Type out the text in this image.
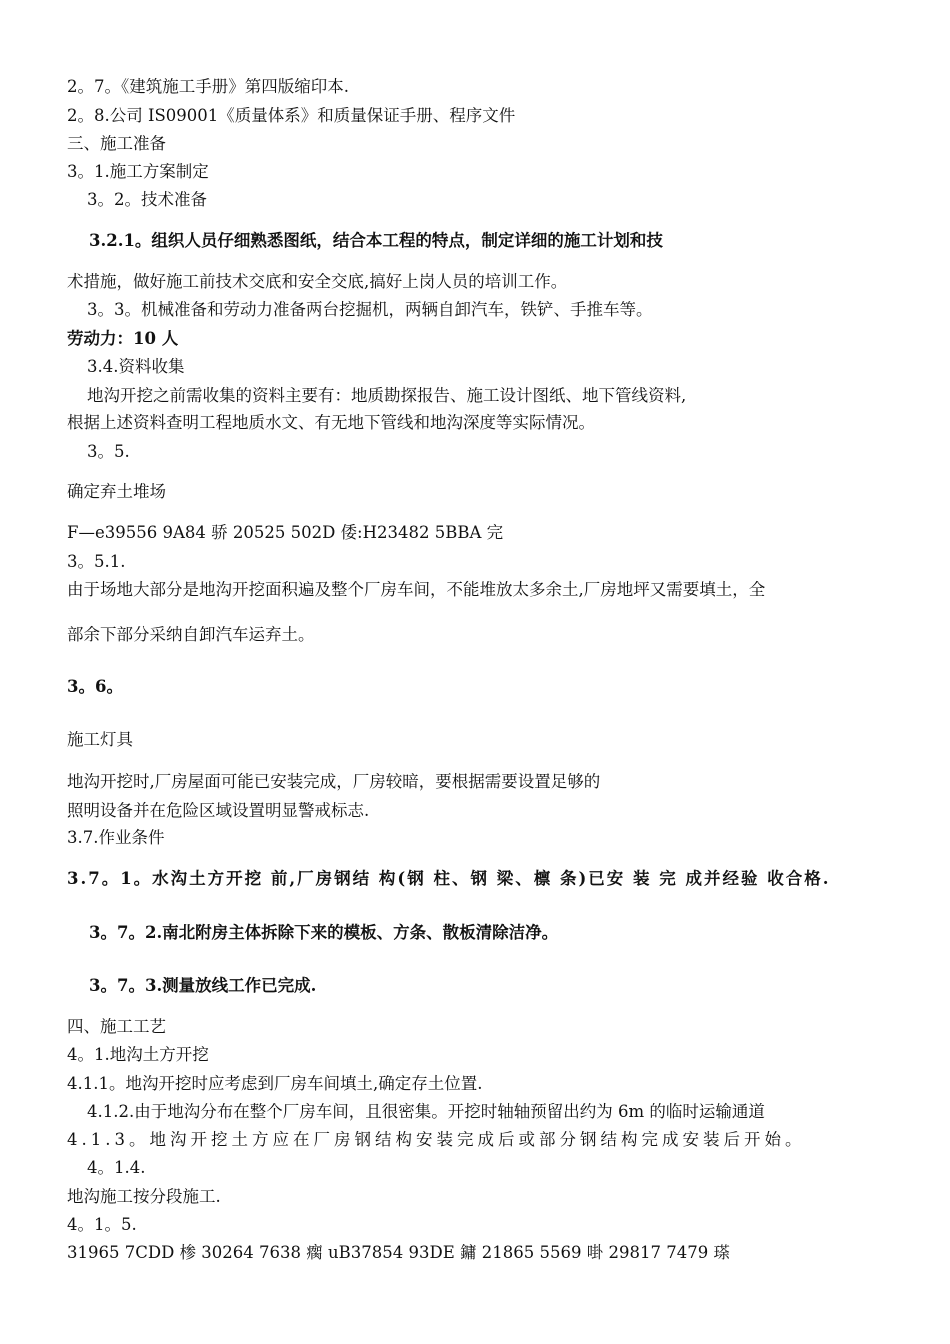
2。7。《建筑施工手册》第四版缩印本.
2。8.公司 IS09001《质量体系》和质量保证手册、程序文件
三、施工准备
3。1.施工方案制定
3。2。技术准备
3.2.1。组织人员仔细熟悉图纸，结合本工程的特点，制定详细的施工计划和技
术措施，做好施工前技术交底和安全交底,搞好上岗人员的培训工作。
3。3。机械准备和劳动力准备两台挖掘机，两辆自卸汽车，铁铲、手推车等。
劳动力：10 人
3.4.资料收集
地沟开挖之前需收集的资料主要有：地质勘探报告、施工设计图纸、地下管线资料,
根据上述资料查明工程地质水文、有无地下管线和地沟深度等实际情况。
3。5.
确定弃土堆场
F—e39556 9A84 骄 20525 502D 倭:H23482 5BBA 完
3。5.1.
由于场地大部分是地沟开挖面积遍及整个厂房车间，不能堆放太多余土,厂房地坪又需要填土，全
部余下部分采纳自卸汽车运弃土。
3。6。
施工灯具
地沟开挖时,厂房屋面可能已安装完成，厂房较暗，要根据需要设置足够的
照明设备并在危险区域设置明显警戒标志.
3.7.作业条件
3.7。1。水沟土方开挖 前,厂房钢结 构(钢 柱、钢 梁、檩 条)已安 装 完 成并经验 收合格.
3。7。2.南北附房主体拆除下来的模板、方条、散板清除洁净。
3。7。3.测量放线工作已完成.
四、施工工艺
4。1.地沟土方开挖
4.1.1。地沟开挖时应考虑到厂房车间填土,确定存土位置.
4.1.2.由于地沟分布在整个厂房车间，且很密集。开挖时轴轴预留出约为 6m 的临时运输通道
4.1.3。地沟开挖土方应在厂房钢结构安装完成后或部分钢结构完成安装后开始。
4。1.4.
地沟施工按分段施工.
4。1。5.
31965 7CDD 椮 30264 7638 瘸 uB37854 93DE 鏞 21865 5569 啩 29817 7479 瑹
